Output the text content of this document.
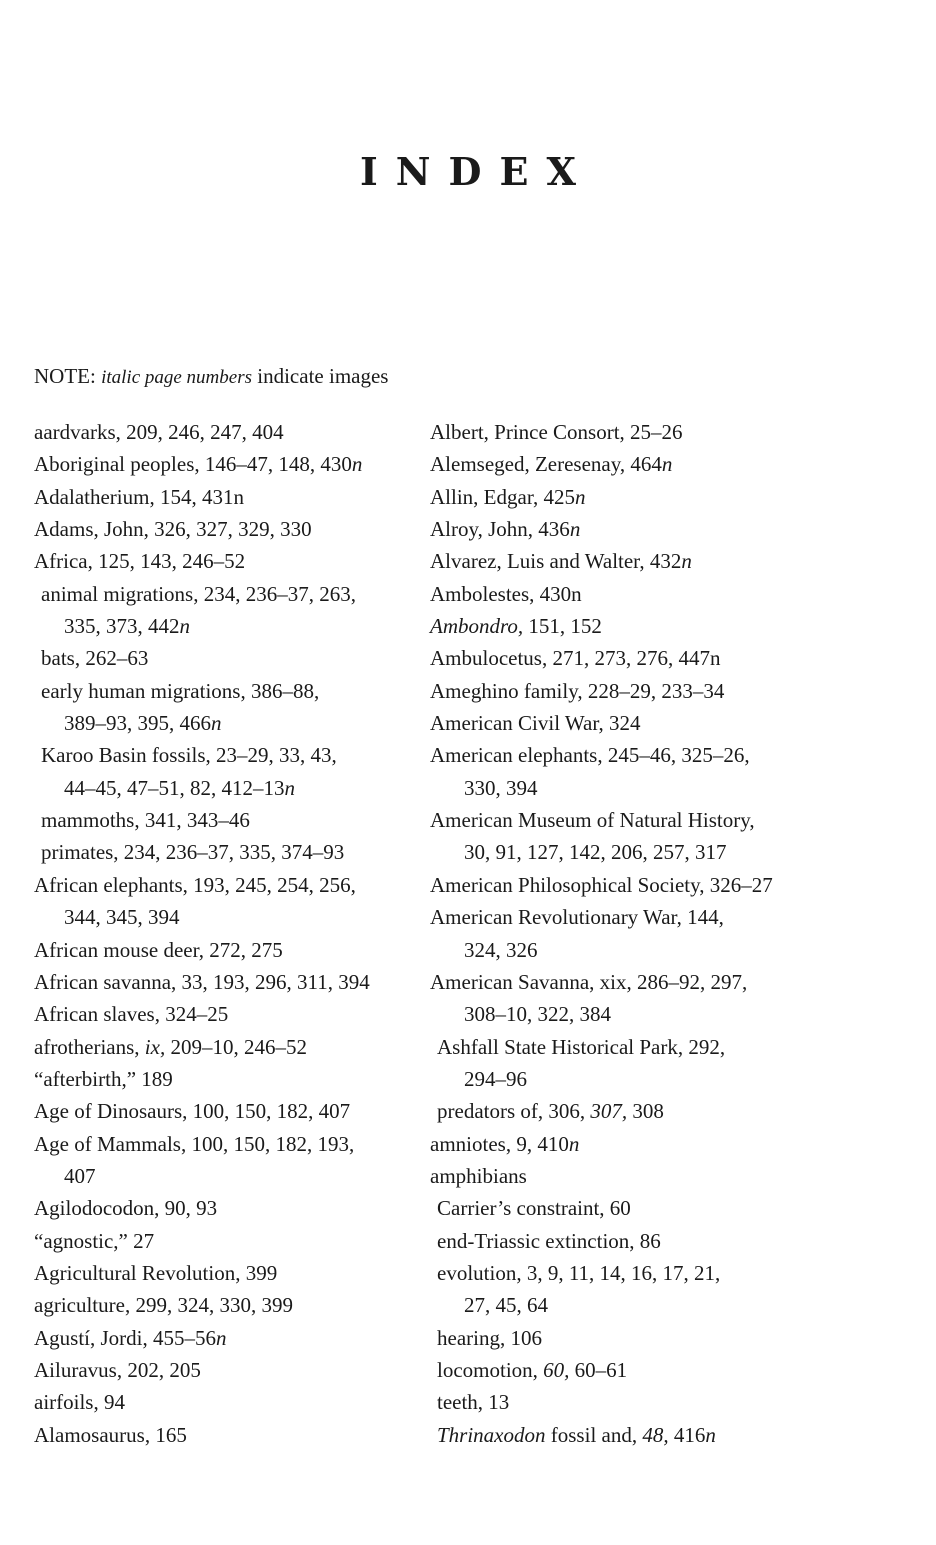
INDEX
NOTE: italic page numbers indicate images
aardvarks, 209, 246, 247, 404
Aboriginal peoples, 146–47, 148, 430n
Adalatherium, 154, 431n
Adams, John, 326, 327, 329, 330
Africa, 125, 143, 246–52
animal migrations, 234, 236–37, 263,
335, 373, 442n
bats, 262–63
early human migrations, 386–88,
389–93, 395, 466n
Karoo Basin fossils, 23–29, 33, 43,
44–45, 47–51, 82, 412–13n
mammoths, 341, 343–46
primates, 234, 236–37, 335, 374–93
African elephants, 193, 245, 254, 256,
344, 345, 394
African mouse deer, 272, 275
African savanna, 33, 193, 296, 311, 394
African slaves, 324–25
afrotherians, ix, 209–10, 246–52
“afterbirth,” 189
Age of Dinosaurs, 100, 150, 182, 407
Age of Mammals, 100, 150, 182, 193,
407
Agilodocodon, 90, 93
“agnostic,” 27
Agricultural Revolution, 399
agriculture, 299, 324, 330, 399
Agustí, Jordi, 455–56n
Ailuravus, 202, 205
airfoils, 94
Alamosaurus, 165
Albert, Prince Consort, 25–26
Alemseged, Zeresenay, 464n
Allin, Edgar, 425n
Alroy, John, 436n
Alvarez, Luis and Walter, 432n
Ambolestes, 430n
Ambondro, 151, 152
Ambulocetus, 271, 273, 276, 447n
Ameghino family, 228–29, 233–34
American Civil War, 324
American elephants, 245–46, 325–26,
330, 394
American Museum of Natural History,
30, 91, 127, 142, 206, 257, 317
American Philosophical Society, 326–27
American Revolutionary War, 144,
324, 326
American Savanna, xix, 286–92, 297,
308–10, 322, 384
Ashfall State Historical Park, 292,
294–96
predators of, 306, 307, 308
amniotes, 9, 410n
amphibians
Carrier’s constraint, 60
end-Triassic extinction, 86
evolution, 3, 9, 11, 14, 16, 17, 21,
27, 45, 64
hearing, 106
locomotion, 60, 60–61
teeth, 13
Thrinaxodon fossil and, 48, 416n
